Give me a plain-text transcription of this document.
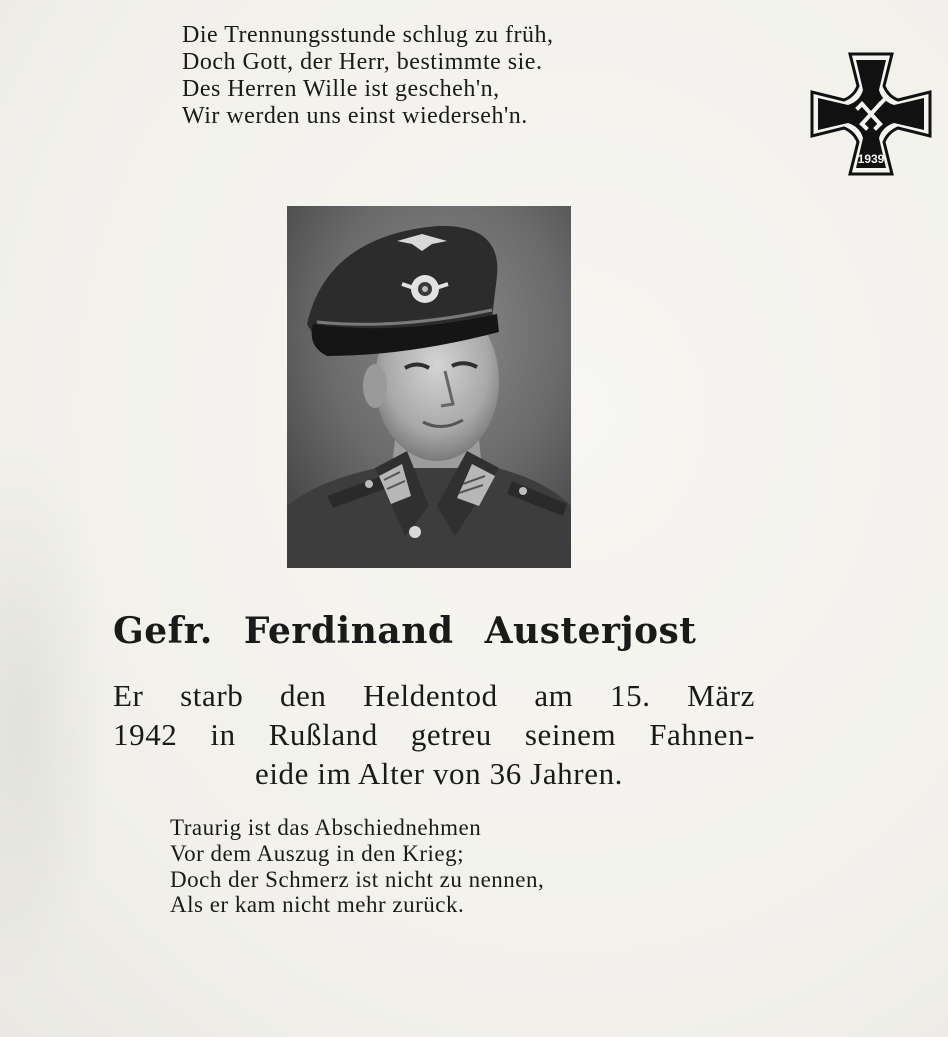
Die Trennungsstunde schlug zu früh,
Doch Gott, der Herr, bestimmte sie.
Des Herren Wille ist gescheh'n,
Wir werden uns einst wiederseh'n.
1939
Gefr. Ferdinand Austerjost
Er starb den Heldentod am 15. März
1942 in Rußland getreu seinem Fahnen-
eide im Alter von 36 Jahren.
Traurig ist das Abschiednehmen
Vor dem Auszug in den Krieg;
Doch der Schmerz ist nicht zu nennen,
Als er kam nicht mehr zurück.
